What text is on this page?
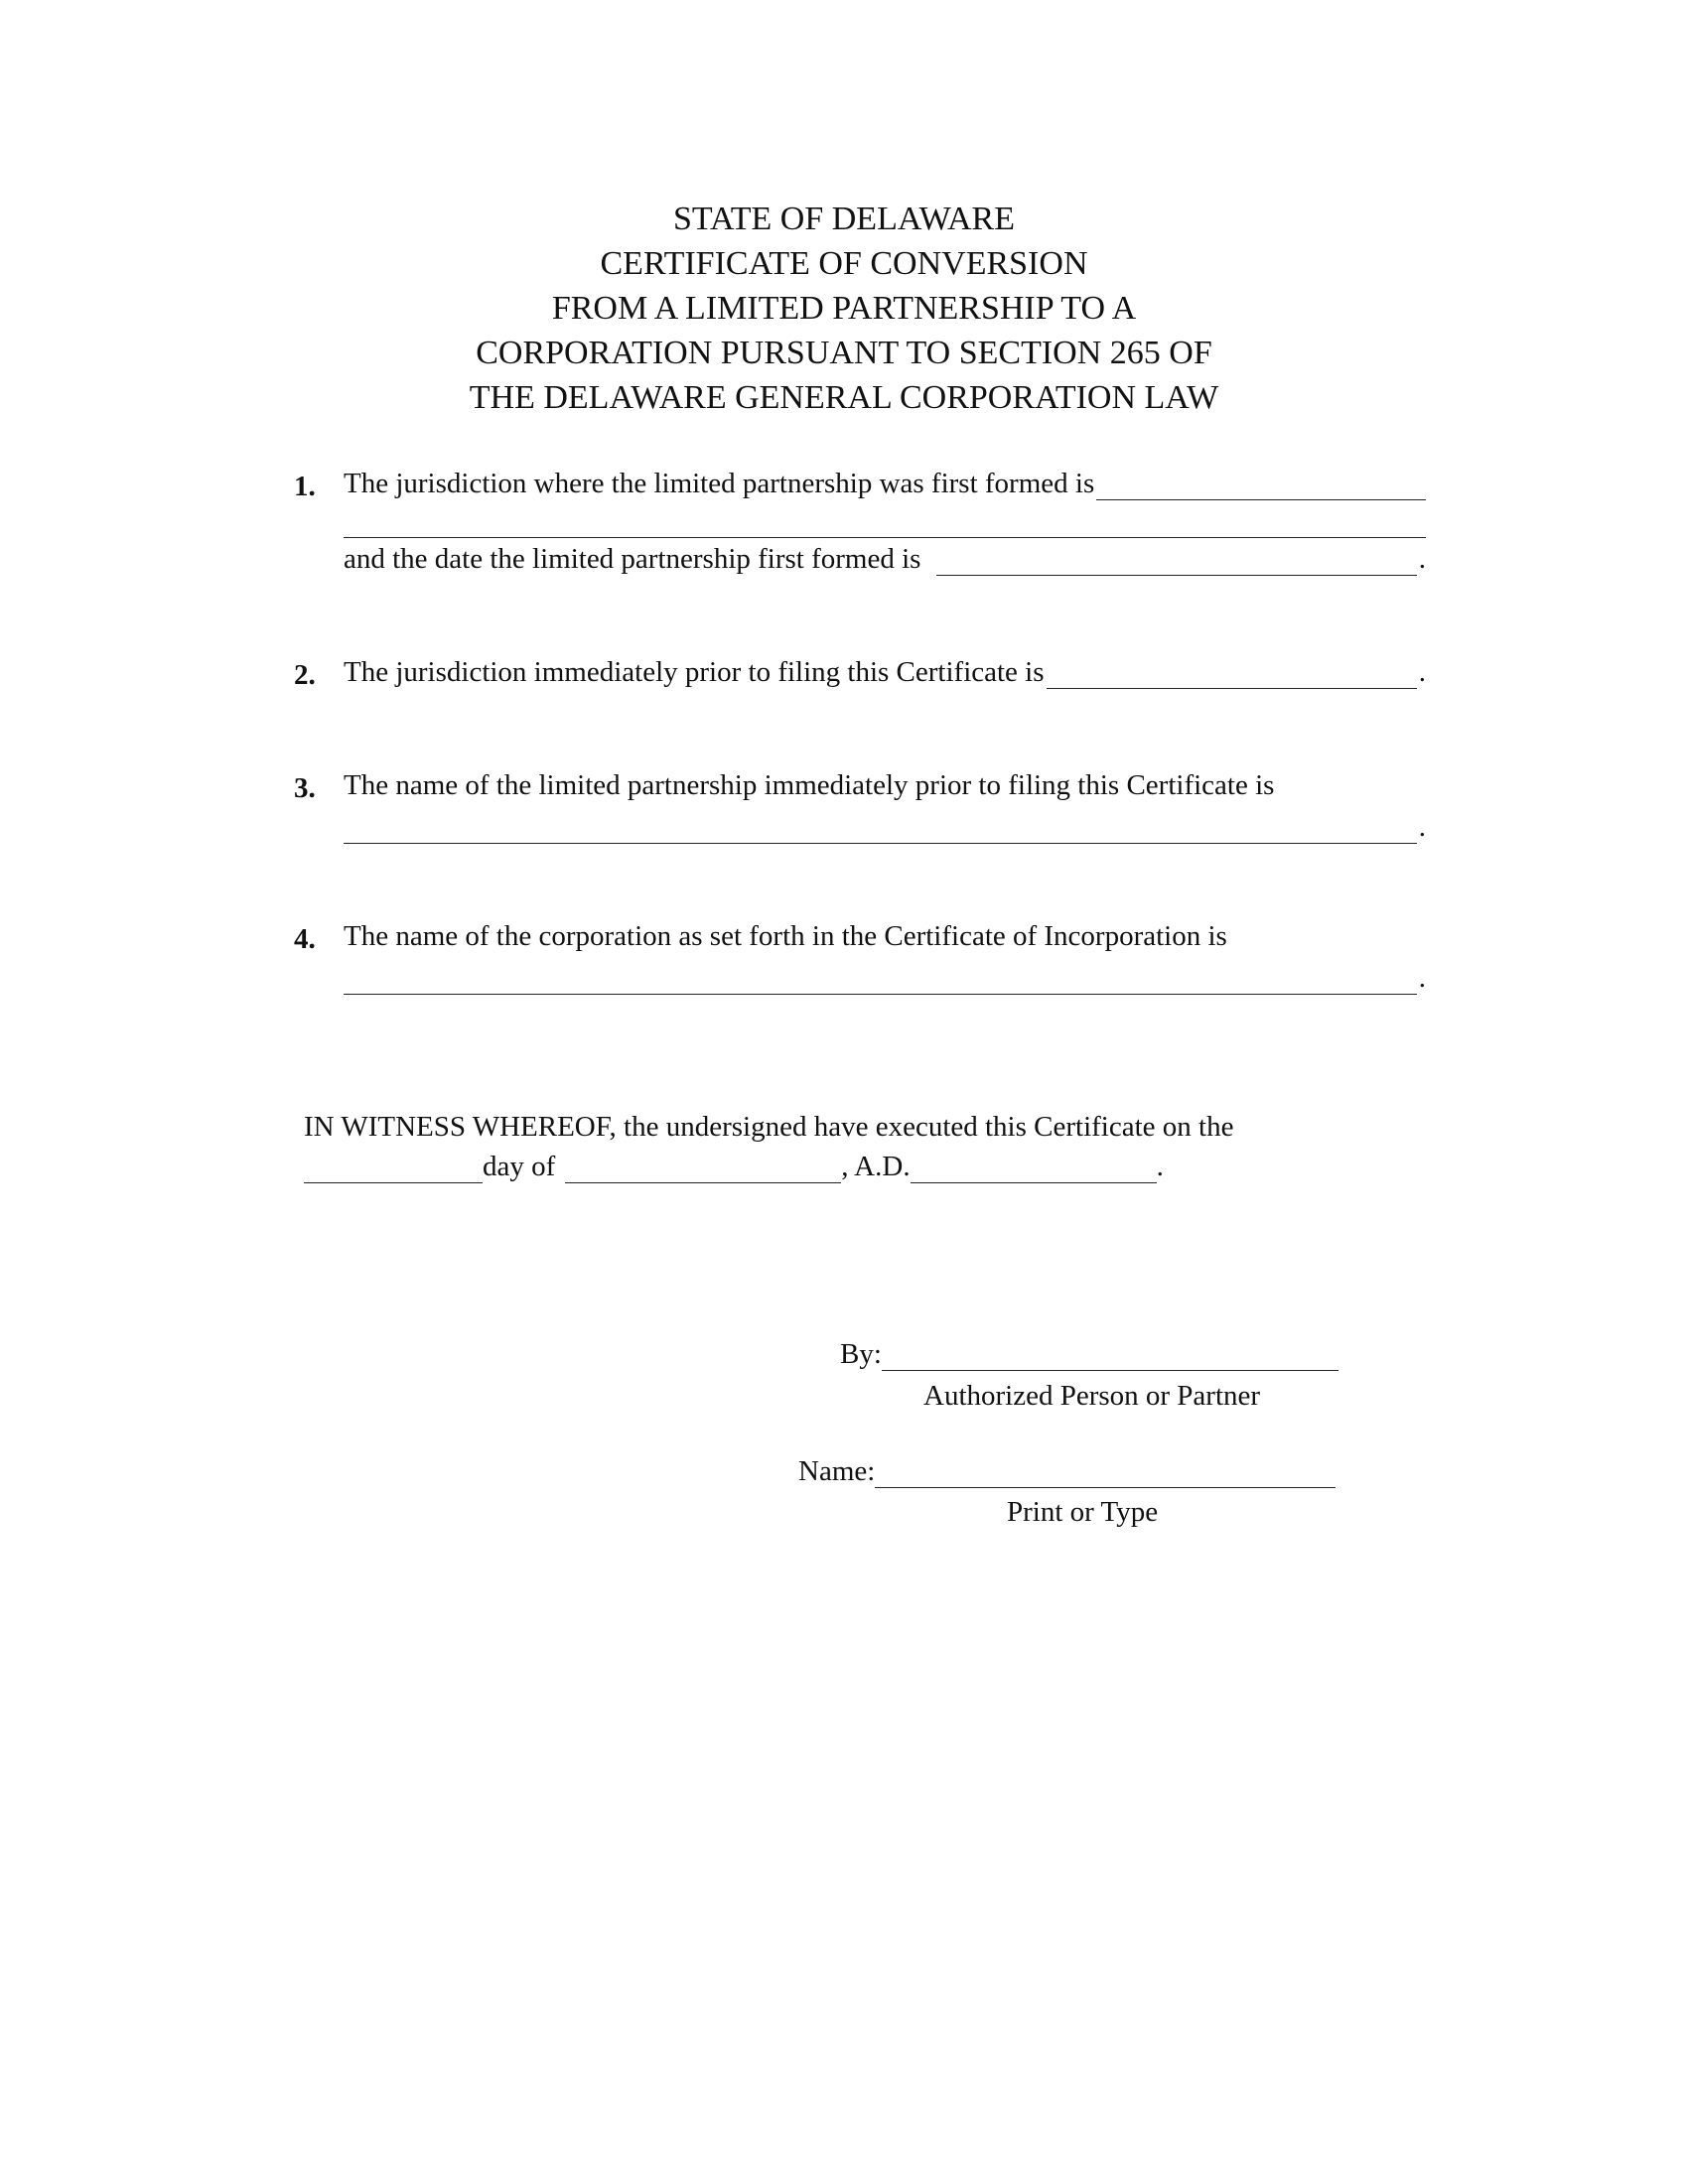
STATE OF DELAWARE
CERTIFICATE OF CONVERSION
FROM A LIMITED PARTNERSHIP TO A
CORPORATION PURSUANT TO SECTION 265 OF
THE DELAWARE GENERAL CORPORATION LAW
1. The jurisdiction where the limited partnership was first formed is
and the date the limited partnership first formed is	.
2. The jurisdiction immediately prior to filing this Certificate is	.
3. The name of the limited partnership immediately prior to filing this Certificate is
.
4. The name of the corporation as set forth in the Certificate of Incorporation is
.
IN WITNESS WHEREOF, the undersigned have executed this Certificate on the
day of	, A.D.	.
By:
Authorized Person or Partner
Name:
Print or Type
